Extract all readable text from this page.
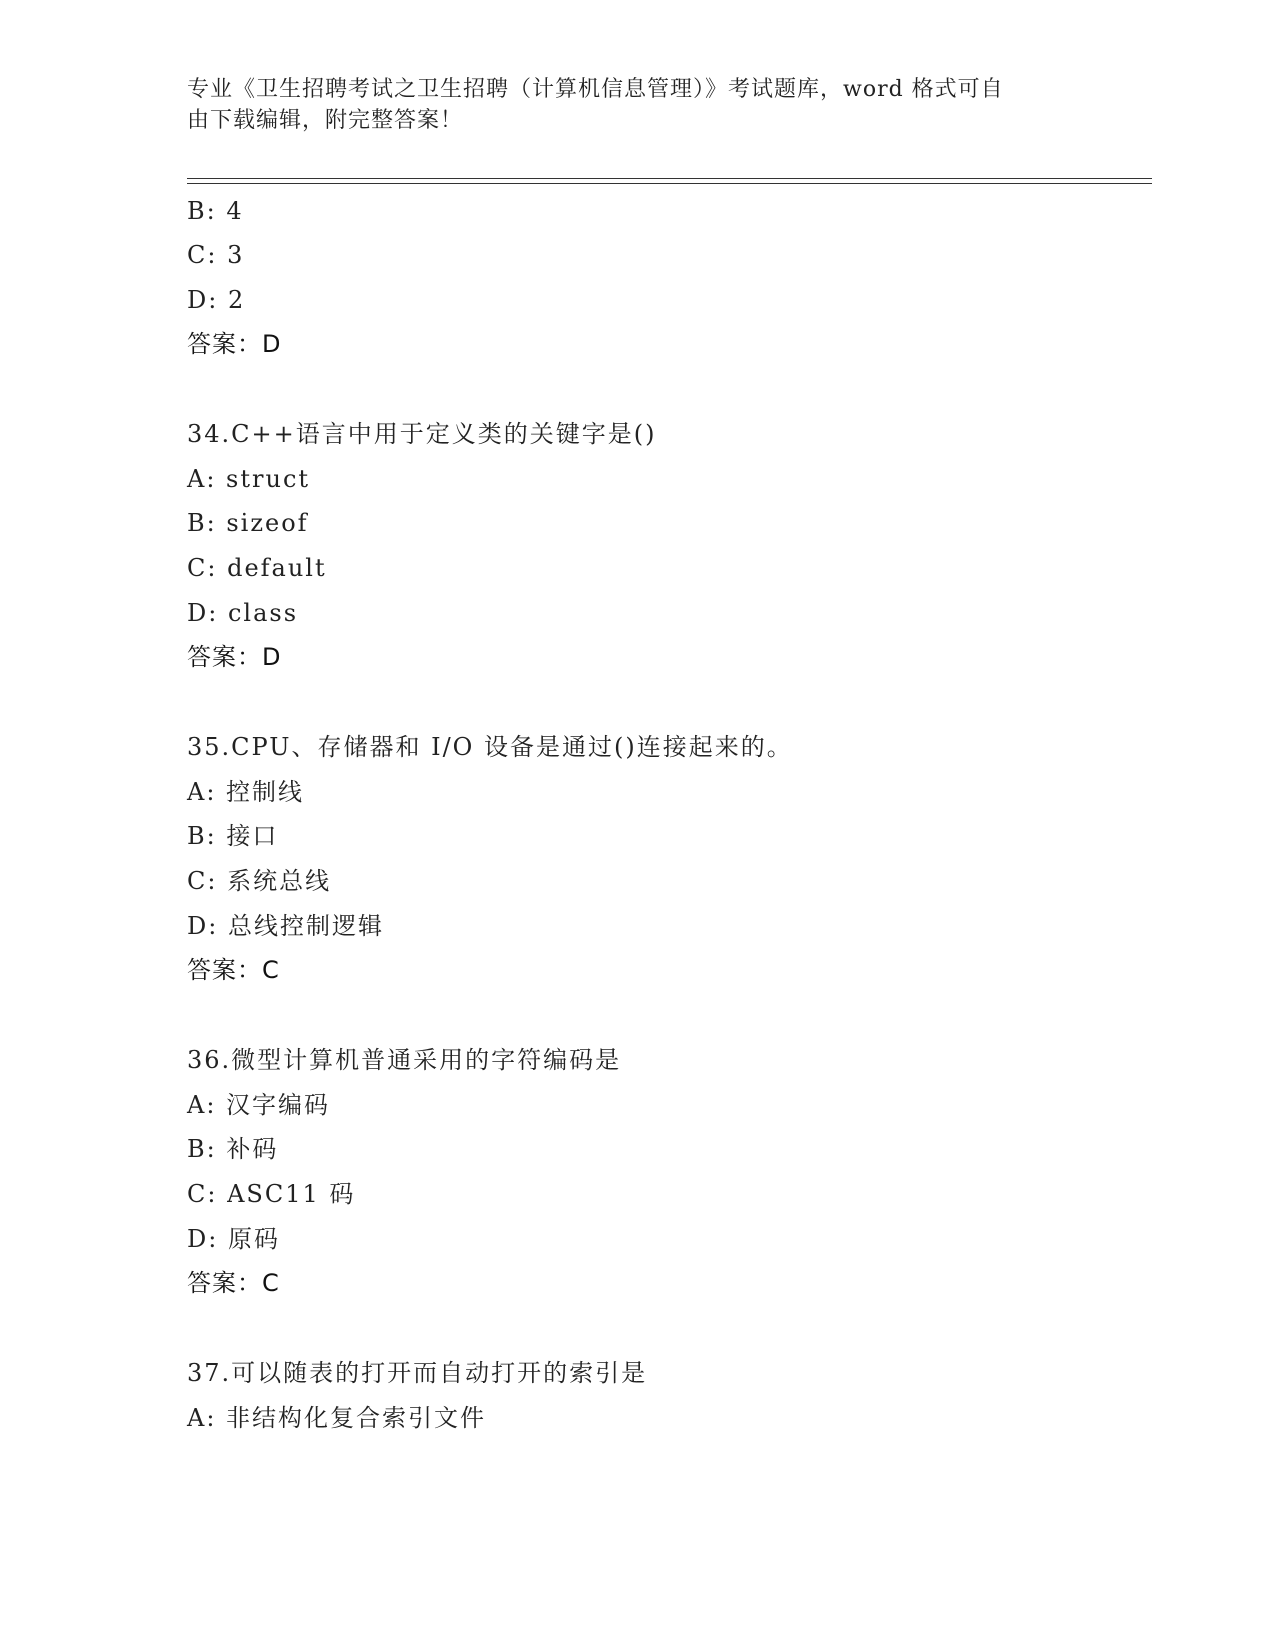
专业《卫生招聘考试之卫生招聘（计算机信息管理）》考试题库，word 格式可自
由下载编辑，附完整答案！
B: 4
C: 3
D: 2
答案：D
34.C++语言中用于定义类的关键字是()
A: struct
B: sizeof
C: default
D: class
答案：D
35.CPU、存储器和 I/O 设备是通过()连接起来的。
A: 控制线
B: 接口
C: 系统总线
D: 总线控制逻辑
答案：C
36.微型计算机普通采用的字符编码是
A: 汉字编码
B: 补码
C: ASC11 码
D: 原码
答案：C
37.可以随表的打开而自动打开的索引是
A: 非结构化复合索引文件
